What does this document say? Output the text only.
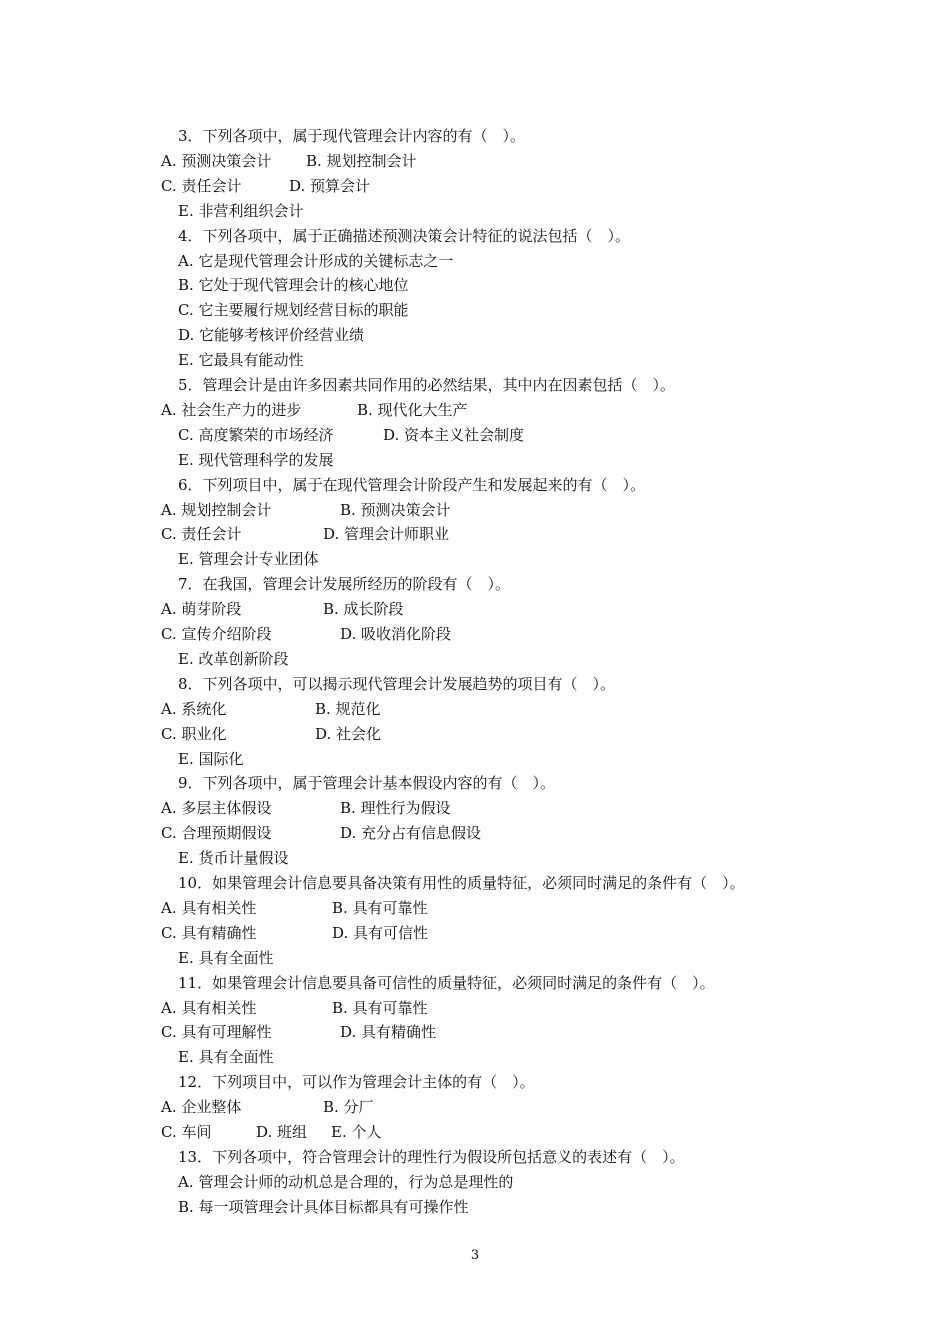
3．下列各项中，属于现代管理会计内容的有（　）。
A. 预测决策会计 B. 规划控制会计
C. 责任会计	D. 预算会计
E. 非营利组织会计
4．下列各项中，属于正确描述预测决策会计特征的说法包括（　）。
A. 它是现代管理会计形成的关键标志之一
B. 它处于现代管理会计的核心地位
C. 它主要履行规划经营目标的职能
D. 它能够考核评价经营业绩
E. 它最具有能动性
5．管理会计是由许多因素共同作用的必然结果，其中内在因素包括（　）。
A. 社会生产力的进步	B. 现代化大生产
C. 高度繁荣的市场经济	D. 资本主义社会制度
E. 现代管理科学的发展
6．下列项目中，属于在现代管理会计阶段产生和发展起来的有（　）。
A. 规划控制会计	B. 预测决策会计
C. 责任会计	D. 管理会计师职业
E. 管理会计专业团体
7．在我国，管理会计发展所经历的阶段有（　）。
A. 萌芽阶段	B. 成长阶段
C. 宣传介绍阶段	D. 吸收消化阶段
E. 改革创新阶段
8．下列各项中，可以揭示现代管理会计发展趋势的项目有（　）。
A. 系统化	B. 规范化
C. 职业化	D. 社会化
E. 国际化
9．下列各项中，属于管理会计基本假设内容的有（　）。
A. 多层主体假设	B. 理性行为假设
C. 合理预期假设	D. 充分占有信息假设
E. 货币计量假设
10．如果管理会计信息要具备决策有用性的质量特征，必须同时满足的条件有（　）。
A. 具有相关性	B. 具有可靠性
C. 具有精确性	D. 具有可信性
E. 具有全面性
11．如果管理会计信息要具备可信性的质量特征，必须同时满足的条件有（　）。
A. 具有相关性	B. 具有可靠性
C. 具有可理解性	D. 具有精确性
E. 具有全面性
12．下列项目中，可以作为管理会计主体的有（　）。
A. 企业整体	B. 分厂
C. 车间	D. 班组 E. 个人
13．下列各项中，符合管理会计的理性行为假设所包括意义的表述有（　）。
A. 管理会计师的动机总是合理的，行为总是理性的
B. 每一项管理会计具体目标都具有可操作性
3
